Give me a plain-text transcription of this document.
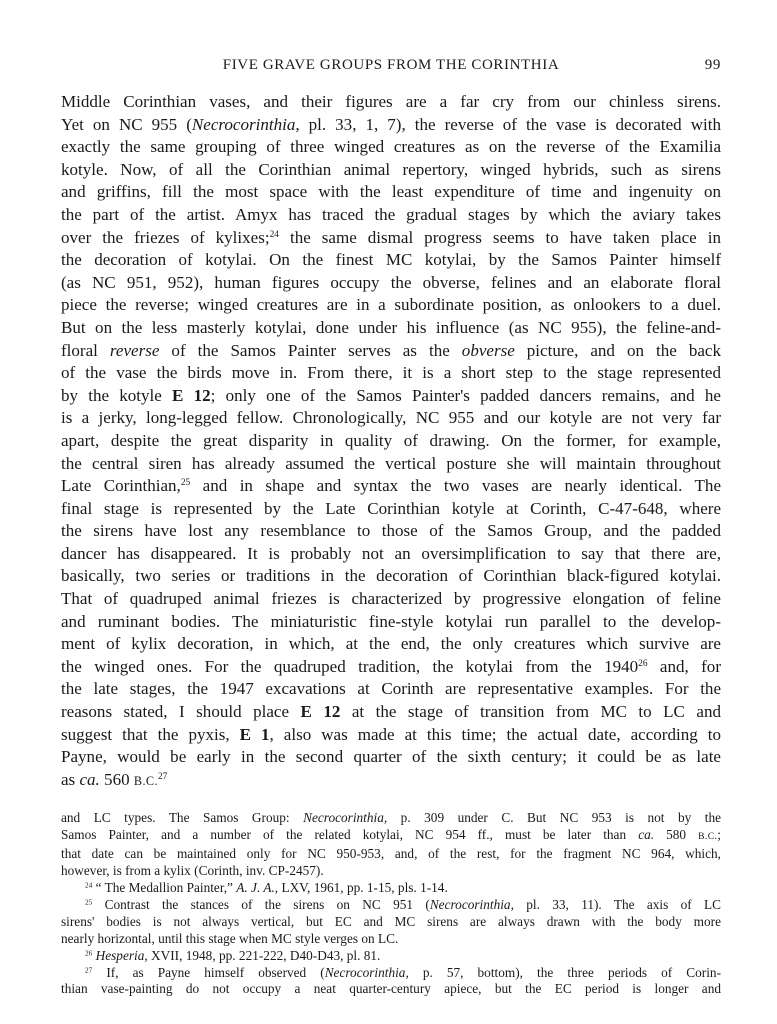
FIVE GRAVE GROUPS FROM THE CORINTHIA	99
Middle Corinthian vases, and their figures are a far cry from our chinless sirens.
Yet on NC 955 (Necrocorinthia, pl. 33, 1, 7), the reverse of the vase is decorated with
exactly the same grouping of three winged creatures as on the reverse of the Examilia
kotyle. Now, of all the Corinthian animal repertory, winged hybrids, such as sirens
and griffins, fill the most space with the least expenditure of time and ingenuity on
the part of the artist. Amyx has traced the gradual stages by which the aviary takes
over the friezes of kylixes;$^{24}$ the same dismal progress seems to have taken place in
the decoration of kotylai. On the finest MC kotylai, by the Samos Painter himself
(as NC 951, 952), human figures occupy the obverse, felines and an elaborate floral
piece the reverse; winged creatures are in a subordinate position, as onlookers to a duel.
But on the less masterly kotylai, done under his influence (as NC 955), the feline-and-
floral reverse of the Samos Painter serves as the obverse picture, and on the back
of the vase the birds move in. From there, it is a short step to the stage represented
by the kotyle E 12; only one of the Samos Painter's padded dancers remains, and he
is a jerky, long-legged fellow. Chronologically, NC 955 and our kotyle are not very far
apart, despite the great disparity in quality of drawing. On the former, for example,
the central siren has already assumed the vertical posture she will maintain throughout
Late Corinthian,$^{25}$ and in shape and syntax the two vases are nearly identical. The
final stage is represented by the Late Corinthian kotyle at Corinth, C-47-648, where
the sirens have lost any resemblance to those of the Samos Group, and the padded
dancer has disappeared. It is probably not an oversimplification to say that there are,
basically, two series or traditions in the decoration of Corinthian black-figured kotylai.
That of quadruped animal friezes is characterized by progressive elongation of feline
and ruminant bodies. The miniaturistic fine-style kotylai run parallel to the develop-
ment of kylix decoration, in which, at the end, the only creatures which survive are
the winged ones. For the quadruped tradition, the kotylai from the 1940$^{26}$ and, for
the late stages, the 1947 excavations at Corinth are representative examples. For the
reasons stated, I should place E 12 at the stage of transition from MC to LC and
suggest that the pyxis, E 1, also was made at this time; the actual date, according to
Payne, would be early in the second quarter of the sixth century; it could be as late
as ca. 560 B.C.$^{27}$
and LC types. The Samos Group: Necrocorinthia, p. 309 under C. But NC 953 is not by the
Samos Painter, and a number of the related kotylai, NC 954 ff., must be later than ca. 580 B.C.;
that date can be maintained only for NC 950-953, and, of the rest, for the fragment NC 964, which,
however, is from a kylix (Corinth, inv. CP-2457).
$^{24}$ “ The Medallion Painter,” A. J. A., LXV, 1961, pp. 1-15, pls. 1-14.
$^{25}$ Contrast the stances of the sirens on NC 951 (Necrocorinthia, pl. 33, 11). The axis of LC
sirens' bodies is not always vertical, but EC and MC sirens are always drawn with the body more
nearly horizontal, until this stage when MC style verges on LC.
$^{26}$ Hesperia, XVII, 1948, pp. 221-222, D40-D43, pl. 81.
$^{27}$ If, as Payne himself observed (Necrocorinthia, p. 57, bottom), the three periods of Corin-
thian vase-painting do not occupy a neat quarter-century apiece, but the EC period is longer and
